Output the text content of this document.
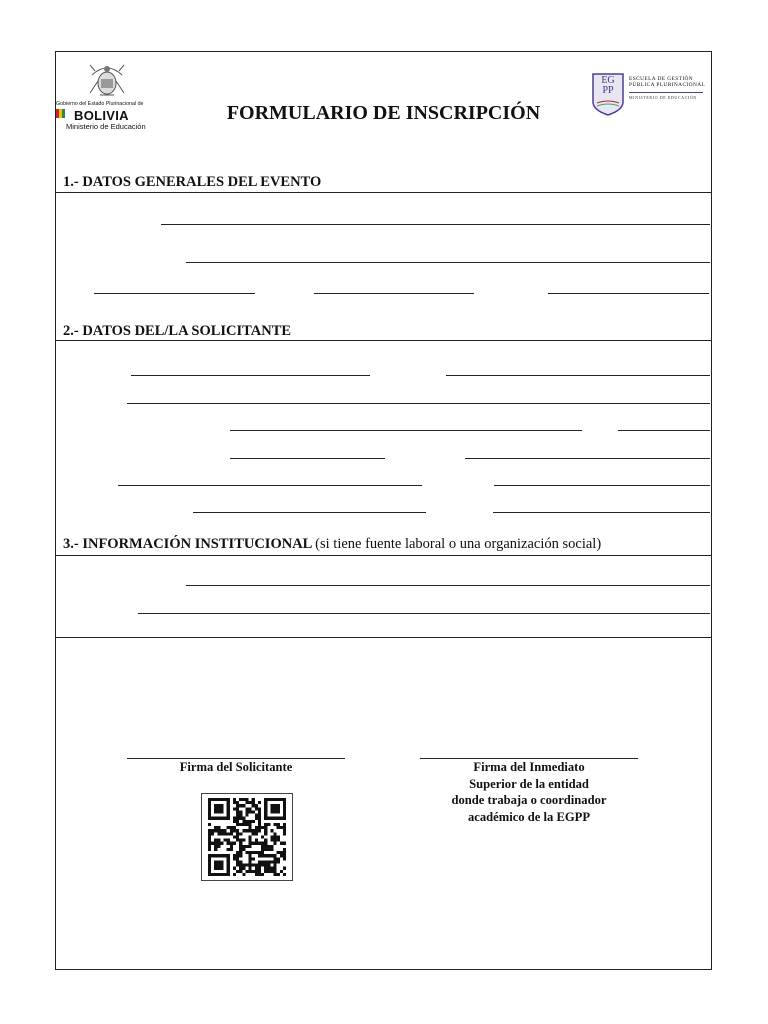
Gobierno del Estado Plurinacional de
BOLIVIA
Ministerio de Educación
EG
PP
ESCUELA DE GESTIÓN
PÚBLICA PLURINACIONAL
MINISTERIO DE EDUCACIÓN
FORMULARIO DE INSCRIPCIÓN
1.- DATOS GENERALES DEL EVENTO
2.- DATOS DEL/LA SOLICITANTE
3.- INFORMACIÓN INSTITUCIONAL (si tiene fuente laboral o una organización social)
Firma del Solicitante	Firma del Inmediato
Superior de la entidad
donde trabaja o coordinador
académico de la EGPP
